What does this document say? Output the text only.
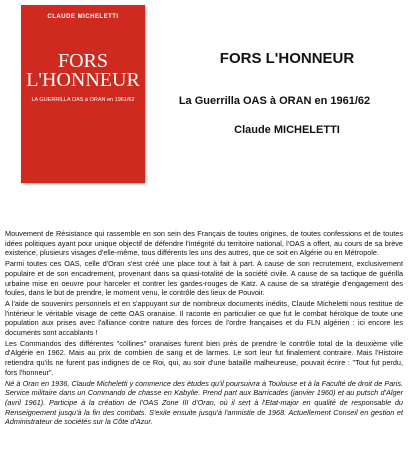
CLAUDE MICHELETTI
FORS
L'HONNEUR
LA GUERRILLA OAS à ORAN en 1961/62
FORS L'HONNEUR
La Guerrilla OAS à ORAN en 1961/62
Claude MICHELETTI

Mouvement de Résistance qui rassemble en son sein des Français de toutes origines, de toutes confessions et de toutes idées politiques ayant pour unique objectif de défendre l'intégrité du territoire national, l'OAS a offert, au cours de sa brève existence, plusieurs visages d'elle-même, tous différents les uns des autres, que ce soit en Algérie ou en Métropole.

Parmi toutes ces OAS, celle d'Oran s'est créé une place tout à fait à part. A cause de son recrutement, exclusivement populaire et de son encadrement, provenant dans sa quasi-totalité de la société civile. A cause de sa tactique de guérilla urbaine mise en oeuvre pour harceler et contrer les gardes-rouges de Katz. A cause de sa stratégie d'engagement des foules, dans le but de prendre, le moment venu, le contrôle des lieux de Pouvoir.

A l'aide de souvenirs personnels et en s'appuyant sur de nombreux documents inédits, Claude Micheletti nous restitue de l'intérieur le véritable visage de cette OAS oranaise. Il raconte en particulier ce que fut le combat héroïque de toute une population aux prises avec l'alliance contre nature des forces de l'ordre françaises et du FLN algérien : ici encore les documents sont accablants !

Les Commandos des différentes "collines" oranaises furent bien près de prendre le contrôle total de la deuxième ville d'Algérie en 1962. Mais au prix de combien de sang et de larmes. Le sort leur fut finalement contraire. Mais l'Histoire retiendra qu'ils ne furent pas indignes de ce Roi, qui, au soir d'une bataille malheureuse, pouvait écrire : "Tout fut perdu, fors l'honneur".

Né à Oran en 1936, Claude Micheletti y commence des études qu'il poursuivra à Toulouse et à la Faculté de droit de Paris. Service militaire dans un Commando de chasse en Kabylie. Prend part aux Barricades (janvier 1960) et au putsch d'Alger (avril 1961). Participe à la création de l'OAS Zone III d'Oran, où il sert à l'Etat-major en qualité de responsable du Renseignement jusqu'à la fin des combats. S'exile ensuite jusqu'à l'amnistie de 1968. Actuellement Conseil en gestion et Administrateur de sociétés sur la Côte d'Azur.
